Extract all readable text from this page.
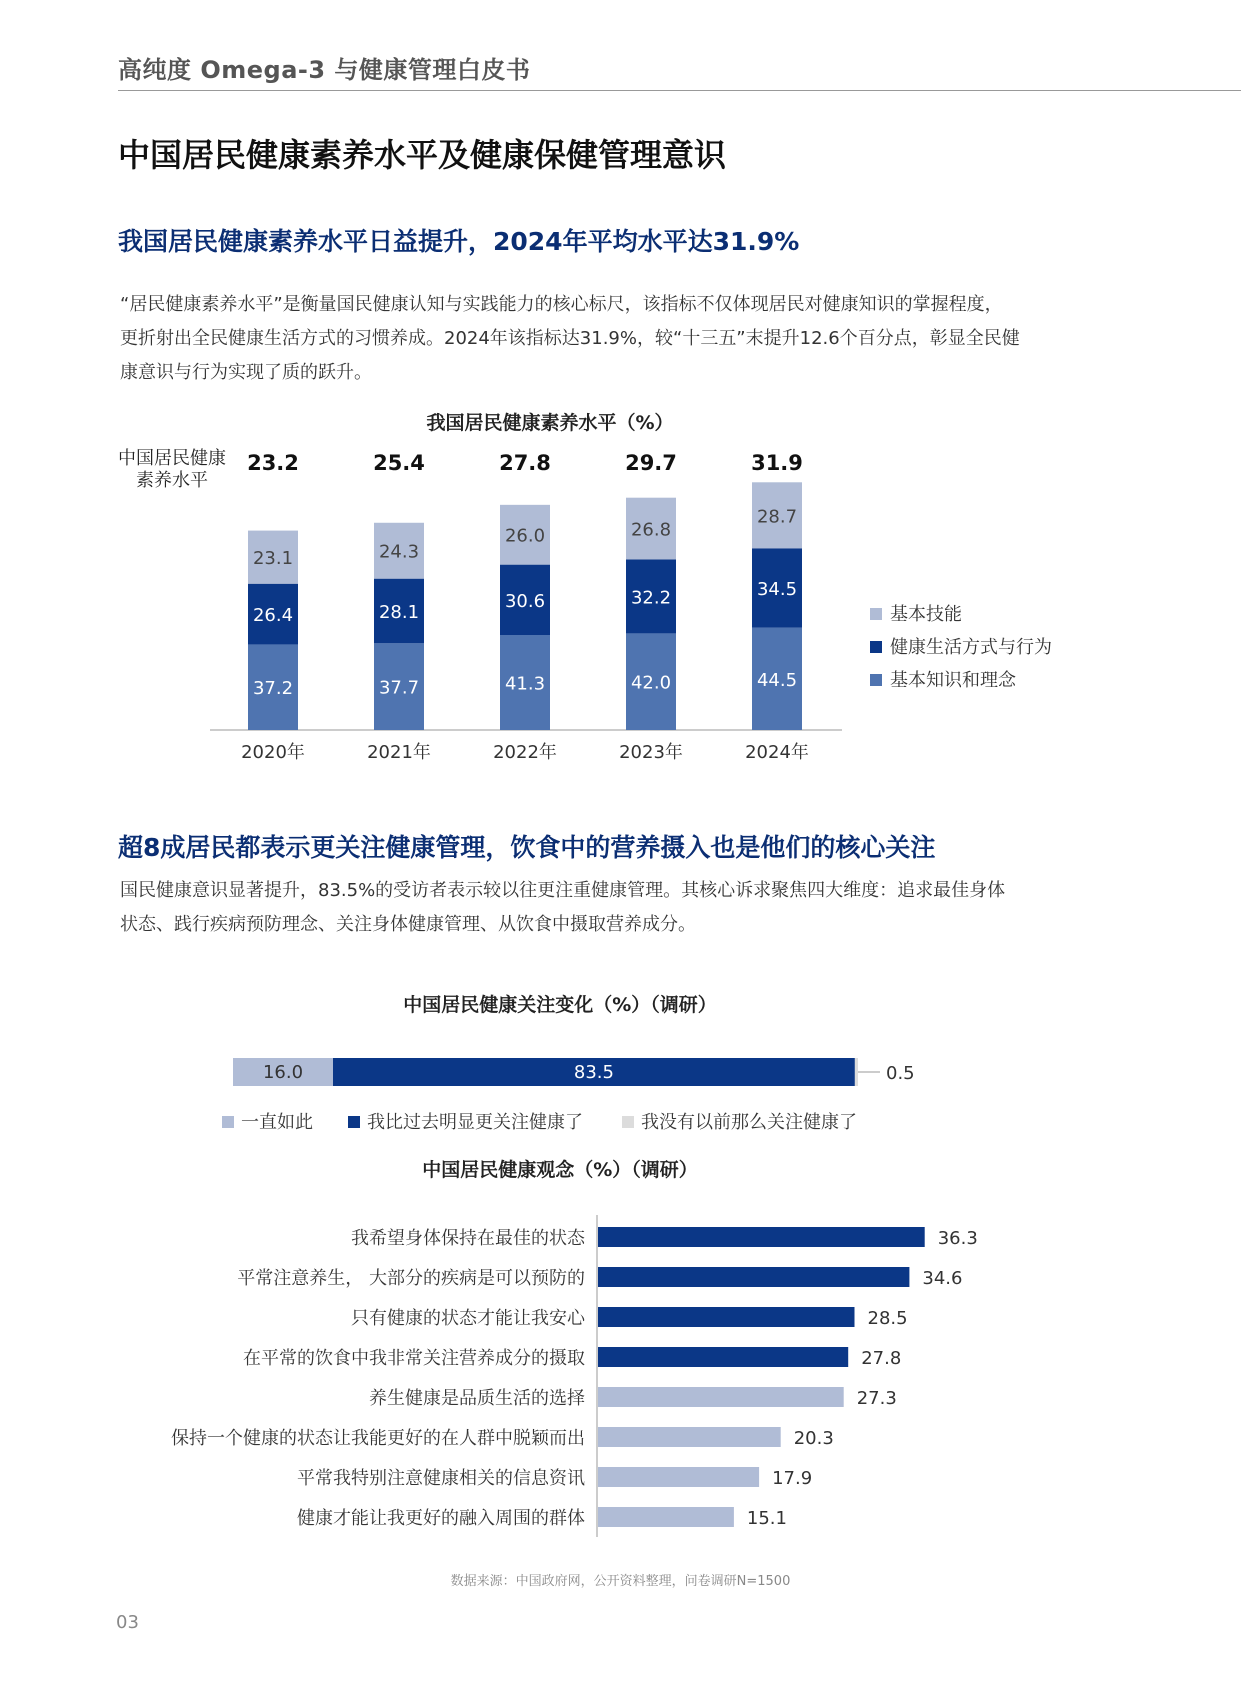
高纯度 Omega-3 与健康管理白皮书
中国居民健康素养水平及健康保健管理意识
我国居民健康素养水平日益提升，2024年平均水平达31.9%
“居民健康素养水平”是衡量国民健康认知与实践能力的核心标尺，该指标不仅体现居民对健康知识的掌握程度，
更折射出全民健康生活方式的习惯养成。2024年该指标达31.9%，较“十三五”末提升12.6个百分点，彰显全民健
康意识与行为实现了质的跃升。
我国居民健康素养水平（%）
中国居民健康
素养水平
37.2
26.4
23.1
23.2
2020年
37.7
28.1
24.3
25.4
2021年
41.3
30.6
26.0
27.8
2022年
42.0
32.2
26.8
29.7
2023年
44.5
34.5
28.7
31.9
2024年
基本技能
健康生活方式与行为
基本知识和理念
超8成居民都表示更关注健康管理，饮食中的营养摄入也是他们的核心关注
国民健康意识显著提升，83.5%的受访者表示较以往更注重健康管理。其核心诉求聚焦四大维度：追求最佳身体
状态、践行疾病预防理念、关注身体健康管理、从饮食中摄取营养成分。
中国居民健康关注变化（%）（调研）
16.0	83.5	0.5
一直如此	我比过去明显更关注健康了	我没有以前那么关注健康了
中国居民健康观念（%）（调研）
我希望身体保持在最佳的状态	36.3
平常注意养生， 大部分的疾病是可以预防的	34.6
只有健康的状态才能让我安心	28.5
在平常的饮食中我非常关注营养成分的摄取	27.8
养生健康是品质生活的选择	27.3
保持一个健康的状态让我能更好的在人群中脱颖而出	20.3
平常我特别注意健康相关的信息资讯	17.9
健康才能让我更好的融入周围的群体	15.1
数据来源：中国政府网，公开资料整理，问卷调研N=1500
03
